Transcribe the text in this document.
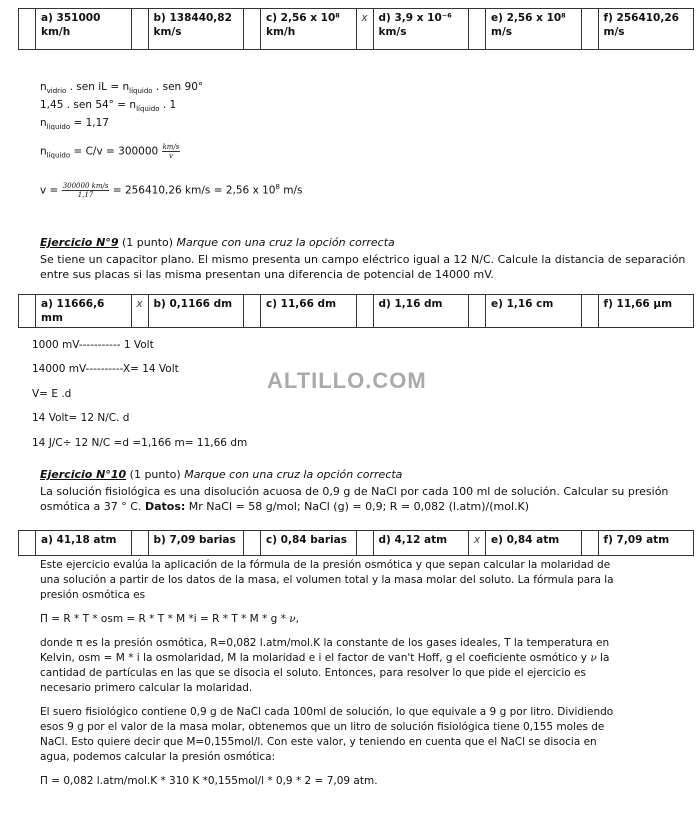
	a) 351000 km/h		b) 138440,82 km/s		c) 2,56 x 10⁸ km/h	x	d) 3,9 x 10⁻⁶ km/s		e) 2,56 x 10⁸ m/s		f) 256410,26 m/s

$n_{vidrio}$ . sen iL = $n_{líquido}$ . sen 90°

1,45 . sen $54^\circ = n_{líquido}$ . 1

$n_{líquido} = 1,17$

$n_{líquido} = C/v = 300000 \frac{km/s}{v}$
$v = \frac{300000 km/s}{1,17} = 256410,26$ km/s = 2,56 x $10^8$ m/s
Ejercicio N°9 (1 punto) Marque con una cruz la opción correcta
Se tiene un capacitor plano. El mismo presenta un campo eléctrico igual a 12 N/C. Calcule la distancia de separación entre sus placas si las misma presentan una diferencia de potencial de 14000 mV.
	a) 11666,6 mm	x	b) 0,1166 dm		c) 11,66 dm		d) 1,16 dm		e) 1,16 cm		f) 11,66 μm
1000 mV----------- 1 Volt
14000 mV----------X= 14 Volt
V= E .d
14 Volt= 12 N/C. d
14 J/C÷ 12 N/C =d =1,166 m= 11,66 dm
ALTILLO.COM
Ejercicio N°10 (1 punto) Marque con una cruz la opción correcta
La solución fisiológica es una disolución acuosa de 0,9 g de NaCl por cada 100 ml de solución. Calcular su presión osmótica a 37 ° C. Datos: Mr NaCl = 58 g/mol; NaCl (g) = 0,9; R = 0,082 (l.atm)/(mol.K)
	a) 41,18 atm		b) 7,09 barias		c) 0,84 barias		d) 4,12 atm	x	e) 0,84 atm		f) 7,09 atm

Este ejercicio evalúa la aplicación de la fórmula de la presión osmótica y que sepan calcular la molaridad de una solución a partir de los datos de la masa, el volumen total y la masa molar del soluto. La fórmula para la presión osmótica es

Π = R * T * osm = R * T * M *i = R * T * M * g * ν,

donde π es la presión osmótica, R=0,082 l.atm/mol.K la constante de los gases ideales, T la temperatura en Kelvin, osm = M * i la osmolaridad, M la molaridad e i el factor de van't Hoff, g el coeficiente osmótico y ν la cantidad de partículas en las que se disocia el soluto. Entonces, para resolver lo que pide el ejercicio es necesario primero calcular la molaridad.

El suero fisiológico contiene 0,9 g de NaCl cada 100ml de solución, lo que equivale a 9 g por litro. Dividiendo esos 9 g por el valor de la masa molar, obtenemos que un litro de solución fisiológica tiene 0,155 moles de NaCl. Esto quiere decir que M=0,155mol/l. Con este valor, y teniendo en cuenta que el NaCl se disocia en agua, podemos calcular la presión osmótica:

Π = 0,082 l.atm/mol.K * 310 K *0,155mol/l * 0,9 * 2 = 7,09 atm.
